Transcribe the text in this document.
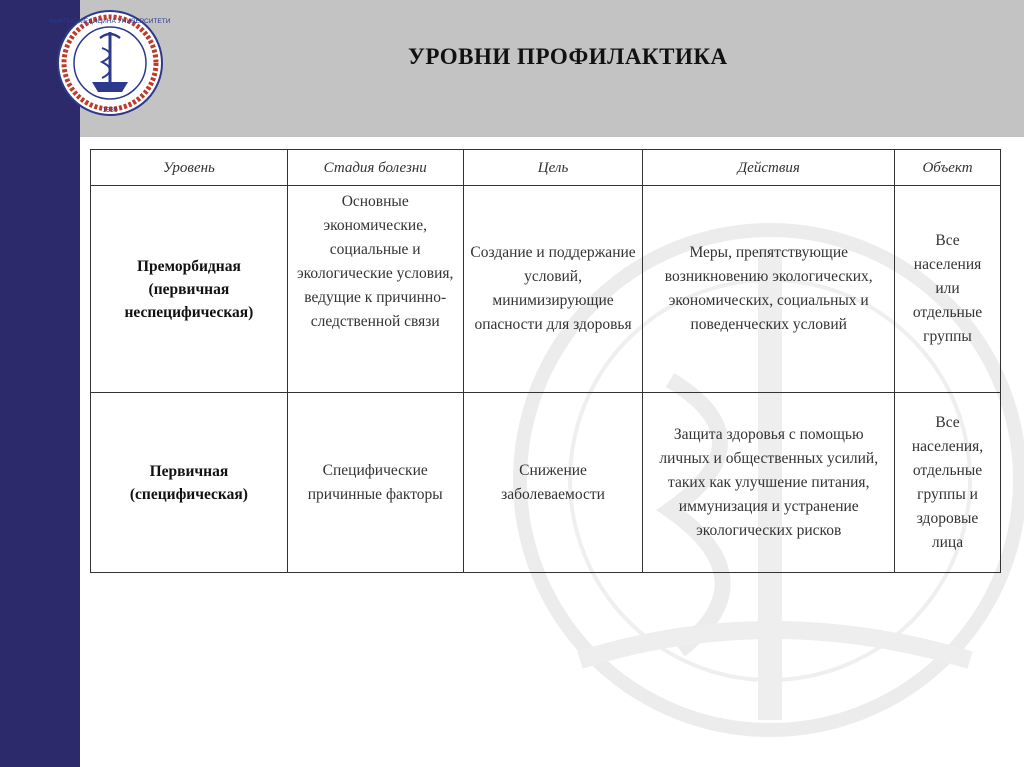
КЫРГЫЗ МЕДИЦИНА УНИВЕРСИТЕТИ
1939
УРОВНИ ПРОФИЛАКТИКА
Уровень	Стадия болезни	Цель	Действия	Объект
Преморбидная (первичная неспецифическая)	Основные экономические, социальные и экологические условия, ведущие к причинно-следственной связи	Создание и поддержание условий, минимизирующие опасности для здоровья	Меры, препятствующие возникновению экологических, экономических, социальных и поведенческих условий	Все населения или отдельные группы
Первичная (специфическая)	Специфические причинные факторы	Снижение заболеваемости	Защита здоровья с помощью личных и общественных усилий, таких как улучшение питания, иммунизация и устранение экологических рисков	Все населения, отдельные группы и здоровые лица
